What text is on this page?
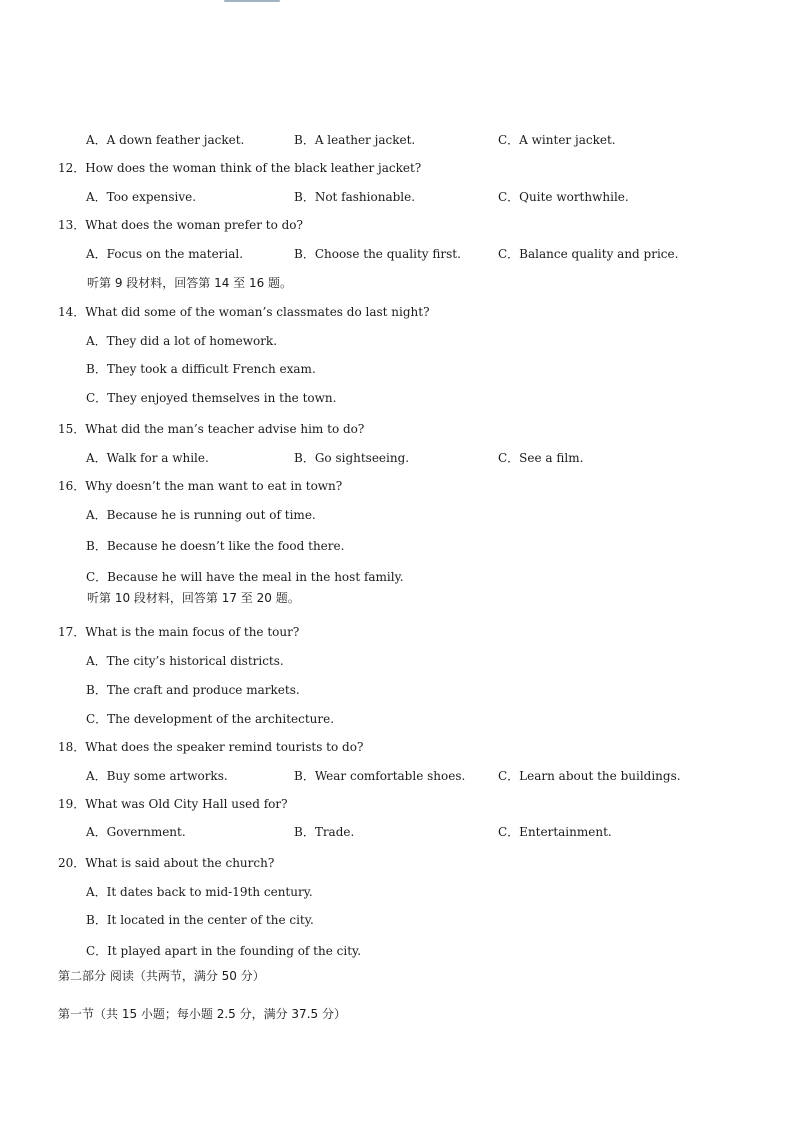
A．A down feather jacket.	B．A leather jacket.	C．A winter jacket.
12．How does the woman think of the black leather jacket?
A．Too expensive.	B．Not fashionable.	C．Quite worthwhile.
13．What does the woman prefer to do?
A．Focus on the material.	B．Choose the quality first.	C．Balance quality and price.
听第 9 段材料，回答第 14 至 16 题。
14．What did some of the woman’s classmates do last night?
A．They did a lot of homework.
B．They took a difficult French exam.
C．They enjoyed themselves in the town.
15．What did the man’s teacher advise him to do?
A．Walk for a while.	B．Go sightseeing.	C．See a film.
16．Why doesn’t the man want to eat in town?
A．Because he is running out of time.
B．Because he doesn’t like the food there.
C．Because he will have the meal in the host family.
听第 10 段材料，回答第 17 至 20 题。
17．What is the main focus of the tour?
A．The city’s historical districts.
B．The craft and produce markets.
C．The development of the architecture.
18．What does the speaker remind tourists to do?
A．Buy some artworks.	B．Wear comfortable shoes.	C．Learn about the buildings.
19．What was Old City Hall used for?
A．Government.	B．Trade.	C．Entertainment.
20．What is said about the church?
A．It dates back to mid-19th century.
B．It located in the center of the city.
C．It played apart in the founding of the city.
第二部分 阅读（共两节，满分 50 分）
第一节（共 15 小题；每小题 2.5 分，满分 37.5 分）
